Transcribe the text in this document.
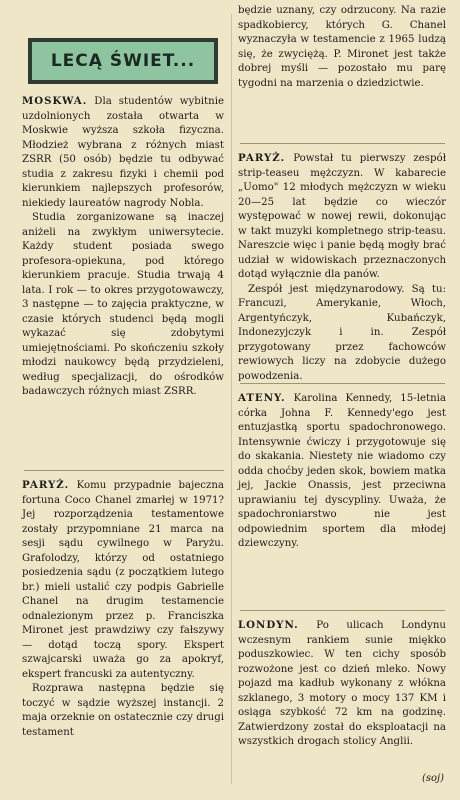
LECĄ ŚWIET...

MOSKWA. Dla studentów wybitnie uzdolnionych została otwarta w Moskwie wyższa szkoła fizyczna. Młodzież wybrana z różnych miast ZSRR (50 osób) będzie tu odbywać studia z zakresu fizyki i chemii pod kierunkiem najlepszych profesorów, niekiedy laureatów nagrody Nobla.

Studia zorganizowane są inaczej aniżeli na zwykłym uniwersytecie. Każdy student posiada swego profesora-opiekuna, pod którego kierunkiem pracuje. Studia trwają 4 lata. I rok — to okres przygotowawczy, 3 następne — to zajęcia praktyczne, w czasie których studenci będą mogli wykazać się zdobytymi umiejętnościami. Po skończeniu szkoły młodzi naukowcy będą przydzieleni, według specjalizacji, do ośrodków badawczych różnych miast ZSRR.

PARYŻ. Komu przypadnie bajeczna fortuna Coco Chanel zmarłej w 1971? Jej rozporządzenia testamentowe zostały przypomniane 21 marca na sesji sądu cywilnego w Paryżu. Grafolodzy, którzy od ostatniego posiedzenia sądu (z początkiem lutego br.) mieli ustalić czy podpis Gabrielle Chanel na drugim testamencie odnalezionym przez p. Franciszka Mironet jest prawdziwy czy fałszywy — dotąd toczą spory. Ekspert szwajcarski uważa go za apokryf, ekspert francuski za autentyczny.

Rozprawa następna będzie się toczyć w sądzie wyższej instancji. 2 maja orzeknie on ostatecznie czy drugi testament

będzie uznany, czy odrzucony. Na razie spadkobiercy, których G. Chanel wyznaczyła w testamencie z 1965 ludzą się, że zwyciężą. P. Mironet jest także dobrej myśli — pozostało mu parę tygodni na marzenia o dziedzictwie.

PARYŻ. Powstał tu pierwszy zespół strip-teaseu mężczyzn. W kabarecie „Uomo" 12 młodych mężczyzn w wieku 20—25 lat będzie co wieczór występować w nowej rewii, dokonując w takt muzyki kompletnego strip-teasu. Nareszcie więc i panie będą mogły brać udział w widowiskach przeznaczonych dotąd wyłącznie dla panów.

Zespół jest międzynarodowy. Są tu: Francuzi, Amerykanie, Włoch, Argentyńczyk, Kubańczyk, Indonezyjczyk i in. Zespół przygotowany przez fachowców rewiowych liczy na zdobycie dużego powodzenia.

ATENY. Karolina Kennedy, 15-letnia córka Johna F. Kennedy'ego jest entuzjastką sportu spadochronowego. Intensywnie ćwiczy i przygotowuje się do skakania. Niestety nie wiadomo czy odda choćby jeden skok, bowiem matka jej, Jackie Onassis, jest przeciwna uprawianiu tej dyscypliny. Uważa, że spadochroniarstwo nie jest odpowiednim sportem dla młodej dziewczyny.

LONDYN. Po ulicach Londynu wczesnym rankiem sunie miękko poduszkowiec. W ten cichy sposób rozwożone jest co dzień mleko. Nowy pojazd ma kadłub wykonany z włókna szklanego, 3 motory o mocy 137 KM i osiąga szybkość 72 km na godzinę. Zatwierdzony został do eksploatacji na wszystkich drogach stolicy Anglii.

(soj)
